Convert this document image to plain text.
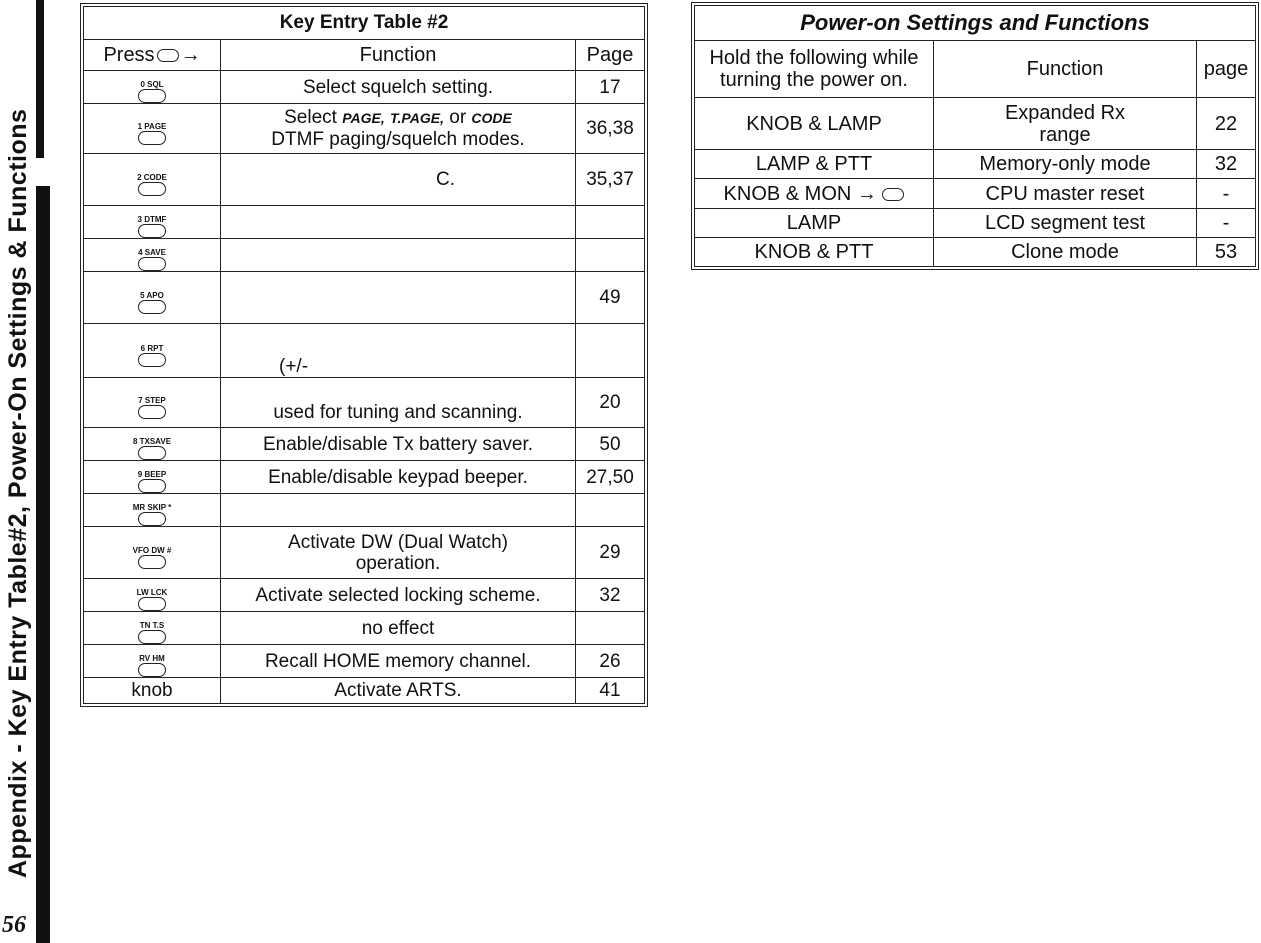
Appendix - Key Entry Table#2, Power-On Settings & Functions
56
Key Entry Table #2		

Press →	Function	Page
0 SQL	Select squelch setting.	17
1 PAGE	Select PAGE, T.PAGE, or CODE
DTMF paging/squelch modes.	36,38
2 CODE	C.	35,37
3 DTMF

4 SAVE

5 APO		49
6 RPT	(+/-	
7 STEP	used for tuning and scanning.	20
8 TXSAVE	Enable/disable Tx battery saver.	50
9 BEEP	Enable/disable keypad beeper.	27,50
MR SKIP *

VFO DW #	Activate DW (Dual Watch) operation.	29
LW LCK	Activate selected locking scheme.	32
TN T.S	no effect	
RV HM	Recall HOME memory channel.	26
knob	Activate ARTS.	41
Power-on Settings and Functions		
Hold the following while turning the power on.	Function	page
KNOB & LAMP	Expanded Rx range	22
LAMP & PTT	Memory-only mode	32
KNOB & MON →	CPU master reset	-
LAMP	LCD segment test	-
KNOB & PTT	Clone mode	53
